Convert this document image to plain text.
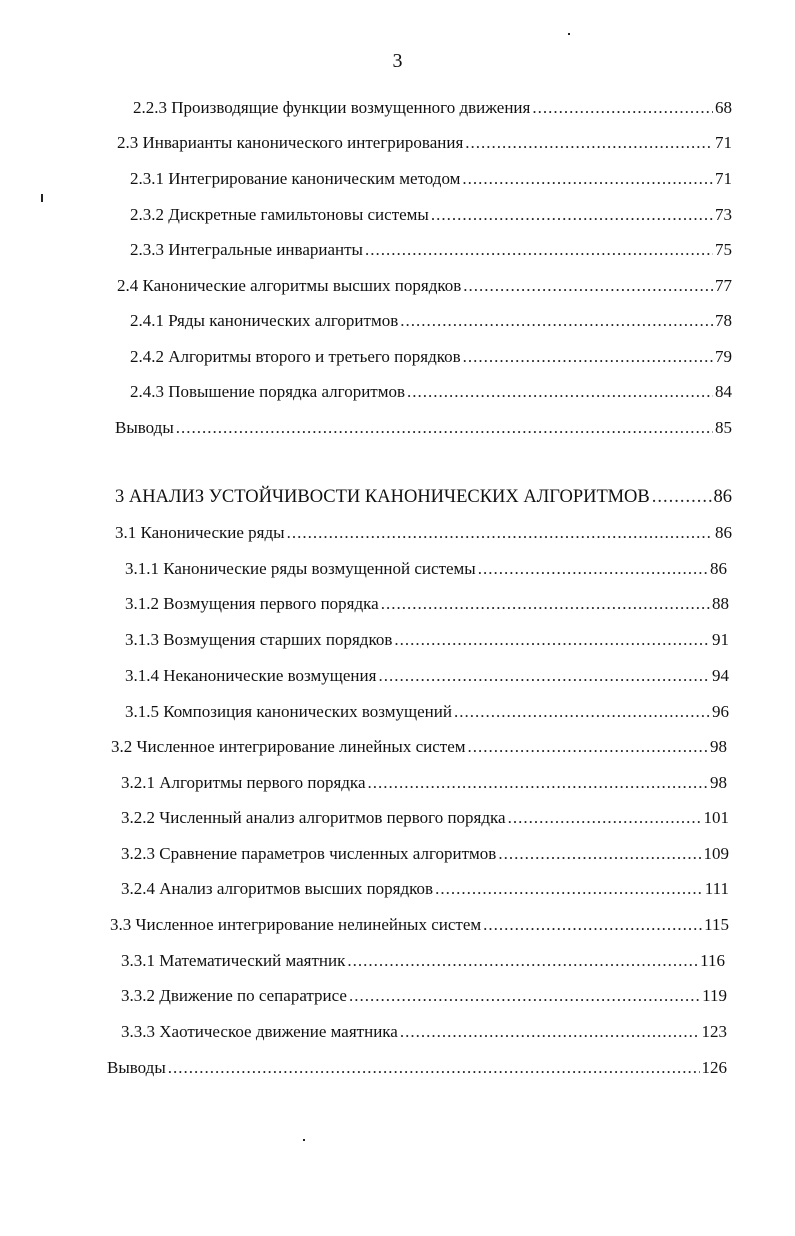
3
2.2.3 Производящие функции возмущенного движения .....	68
2.3 Инварианты канонического интегрирования .....	71
2.3.1 Интегрирование каноническим методом .....	71
2.3.2 Дискретные гамильтоновы системы .....	73
2.3.3 Интегральные инварианты .....	75
2.4 Канонические алгоритмы высших порядков .....	77
2.4.1 Ряды канонических алгоритмов .....	78
2.4.2 Алгоритмы второго и третьего порядков .....	79
2.4.3 Повышение порядка алгоритмов .....	84
Выводы .....	85
3 АНАЛИЗ УСТОЙЧИВОСТИ КАНОНИЧЕСКИХ АЛГОРИТМОВ .....	86
3.1 Канонические ряды .....	86
3.1.1 Канонические ряды возмущенной системы .....	86
3.1.2 Возмущения первого порядка .....	88
3.1.3 Возмущения старших порядков .....	91
3.1.4 Неканонические возмущения .....	94
3.1.5 Композиция канонических возмущений .....	96
3.2 Численное интегрирование линейных систем .....	98
3.2.1 Алгоритмы первого порядка .....	98
3.2.2 Численный анализ алгоритмов первого порядка .....	101
3.2.3 Сравнение параметров численных алгоритмов .....	109
3.2.4 Анализ алгоритмов высших порядков .....	111
3.3 Численное интегрирование нелинейных систем .....	115
3.3.1 Математический маятник .....	116
3.3.2 Движение по сепаратрисе .....	119
3.3.3 Хаотическое движение маятника .....	123
Выводы .....	126
